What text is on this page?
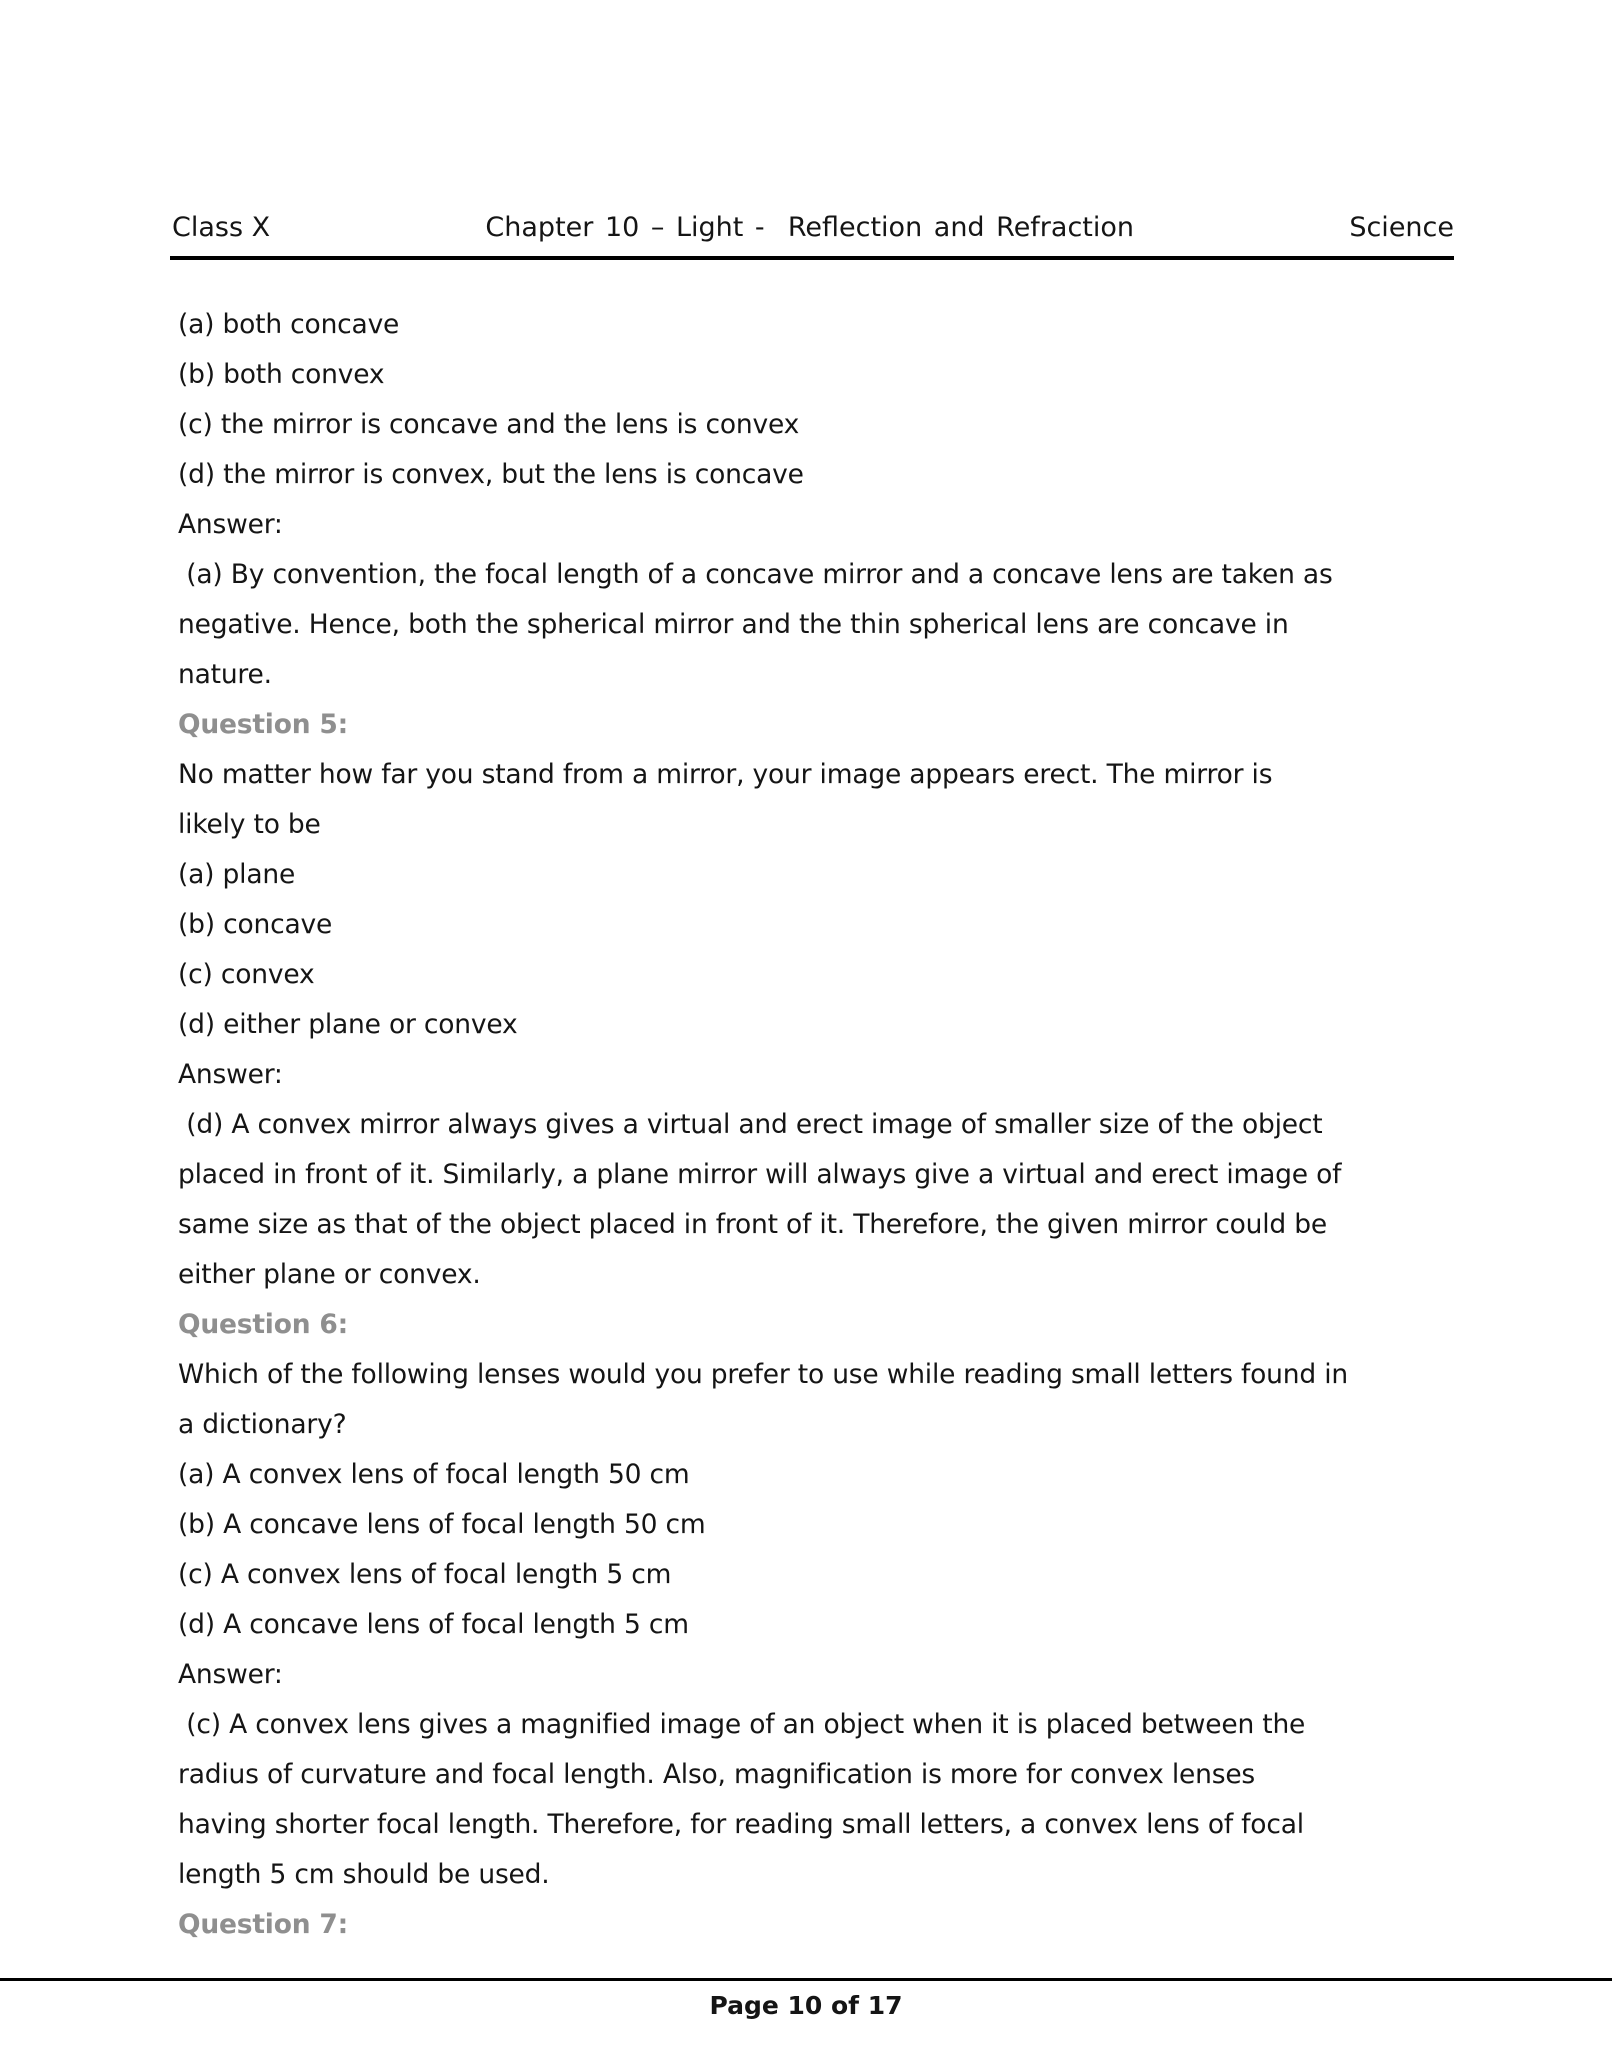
Class X	Chapter 10 – Light -  Reflection and Refraction	Science
(a) both concave
(b) both convex
(c) the mirror is concave and the lens is convex
(d) the mirror is convex, but the lens is concave
Answer:
(a) By convention, the focal length of a concave mirror and a concave lens are taken as
negative. Hence, both the spherical mirror and the thin spherical lens are concave in
nature.
Question 5:
No matter how far you stand from a mirror, your image appears erect. The mirror is
likely to be
(a) plane
(b) concave
(c) convex
(d) either plane or convex
Answer:
(d) A convex mirror always gives a virtual and erect image of smaller size of the object
placed in front of it. Similarly, a plane mirror will always give a virtual and erect image of
same size as that of the object placed in front of it. Therefore, the given mirror could be
either plane or convex.
Question 6:
Which of the following lenses would you prefer to use while reading small letters found in
a dictionary?
(a) A convex lens of focal length 50 cm
(b) A concave lens of focal length 50 cm
(c) A convex lens of focal length 5 cm
(d) A concave lens of focal length 5 cm
Answer:
(c) A convex lens gives a magnified image of an object when it is placed between the
radius of curvature and focal length. Also, magnification is more for convex lenses
having shorter focal length. Therefore, for reading small letters, a convex lens of focal
length 5 cm should be used.
Question 7:
Page 10 of 17
